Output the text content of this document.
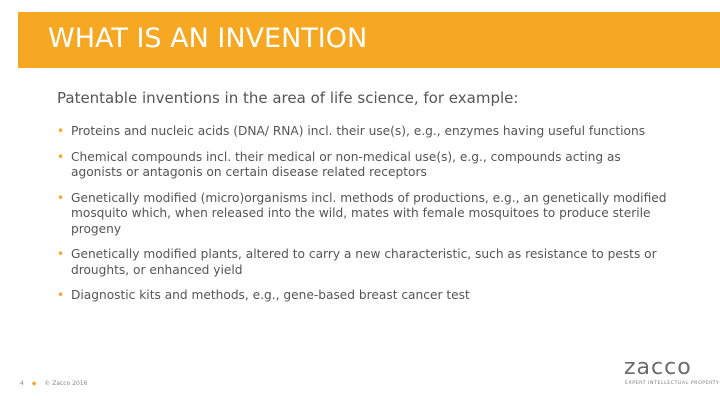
WHAT IS AN INVENTION
Patentable inventions in the area of life science, for example:
• Proteins and nucleic acids (DNA/ RNA) incl. their use(s), e.g., enzymes having useful functions
• Chemical compounds incl. their medical or non-medical use(s), e.g., compounds acting as agonists or antagonis on certain disease related receptors
• Genetically modified (micro)organisms incl. methods of productions, e.g., an genetically modified mosquito which, when released into the wild, mates with female mosquitoes to produce sterile progeny
• Genetically modified plants, altered to carry a new characteristic, such as resistance to pests or droughts, or enhanced yield
• Diagnostic kits and methods, e.g., gene-based breast cancer test
4 ◆ © Zacco 2016
zacco
EXPERT INTELLECTUAL PROPERTY
